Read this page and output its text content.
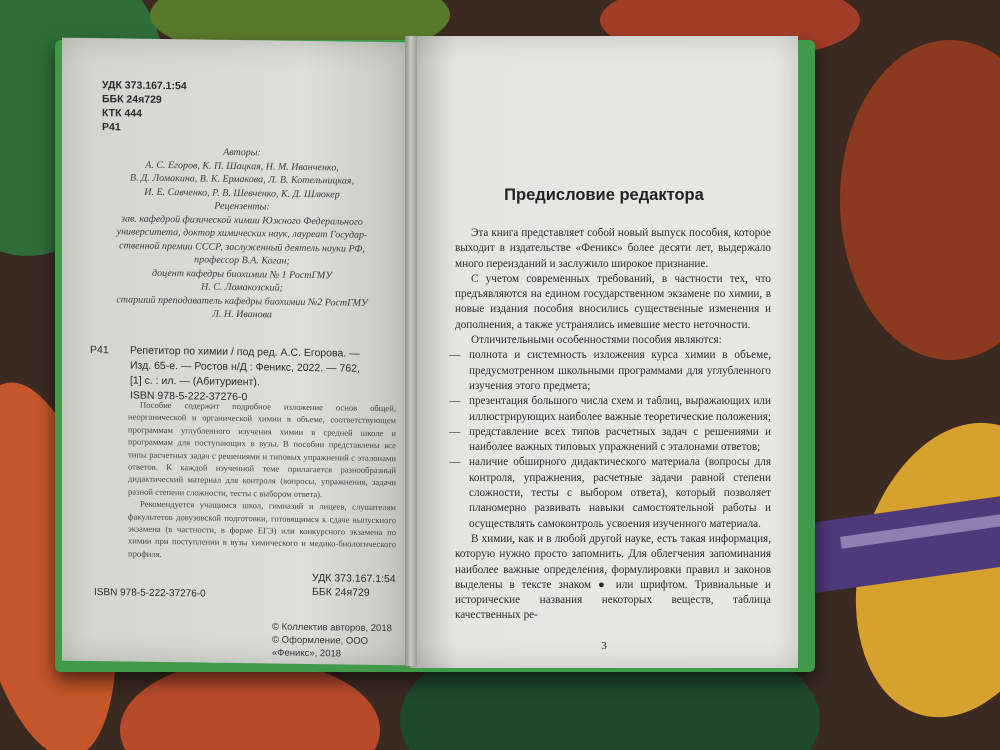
УДК 373.167.1:54
ББК 24я729
КТК 444
Р41
Авторы:
А. С. Егоров, К. П. Шацкая, Н. М. Иванченко,
В. Д. Ломакина, В. К. Ермакова, Л. В. Котельницкая,
И. Е. Савченко, Р. В. Шевченко, К. Д. Шлюкер
Рецензенты:
зав. кафедрой физической химии Южного Федерального
университета, доктор химических наук, лауреат Государ-
ственной премии СССР, заслуженный деятель науки РФ,
профессор В.А. Коган;
доцент кафедры биохимии № 1 РостГМУ
Н. С. Ломакозский;
старший преподаватель кафедры биохимии №2 РостГМУ
Л. Н. Иванова
Р41 Репетитор по химии / под ред. А.С. Егорова. —
Изд. 65-е. — Ростов н/Д : Феникс, 2022. — 762,
[1] с. : ил. — (Абитуриент).
ISBN 978-5-222-37276-0

Пособие содержит подробное изложение основ общей, неорганической и органической химии в объеме, соответствующем программам углубленного изучения химии в средней школе и программам для поступающих в вузы. В пособии представлены все типы расчетных задач с решениями и типовых упражнений с эталонами ответов. К каждой изученной теме прилагается разнообразный дидактический материал для контроля (вопросы, упражнения, задачи разной степени сложности, тесты с выбором ответа).

Рекомендуется учащимся школ, гимназий и лицеев, слушателям факультетов довузовской подготовки, готовящимся к сдаче выпускного экзамена (в частности, в форме ЕГЭ) или конкурсного экзамена по химии при поступлении в вузы химического и медико-биологического профиля.

УДК 373.167.1:54
ББК 24я729
ISBN 978-5-222-37276-0
© Коллектив авторов, 2018
© Оформление, ООО «Феникс», 2018
Предисловие редактора

Эта книга представляет собой новый выпуск пособия, которое выходит в издательстве «Феникс» более десяти лет, выдержало много переизданий и заслужило широкое признание.

С учетом современных требований, в частности тех, что предъявляются на едином государственном экзамене по химии, в новые издания пособия вносились существенные изменения и дополнения, а также устранялись имевшие место неточности.

Отличительными особенностями пособия являются:

— полнота и системность изложения курса химии в объеме, предусмотренном школьными программами для углубленного изучения этого предмета;

— презентация большого числа схем и таблиц, выражающих или иллюстрирующих наиболее важные теоретические положения;

— представление всех типов расчетных задач с решениями и наиболее важных типовых упражнений с эталонами ответов;

— наличие обширного дидактического материала (вопросы для контроля, упражнения, расчетные задачи равной степени сложности, тесты с выбором ответа), который позволяет планомерно развивать навыки самостоятельной работы и осуществлять самоконтроль усвоения изученного материала.

В химии, как и в любой другой науке, есть такая информация, которую нужно просто запомнить. Для облегчения запоминания наиболее важные определения, формулировки правил и законов выделены в тексте знаком ● или шрифтом. Тривиальные и исторические названия некоторых веществ, таблица качественных ре-

3
